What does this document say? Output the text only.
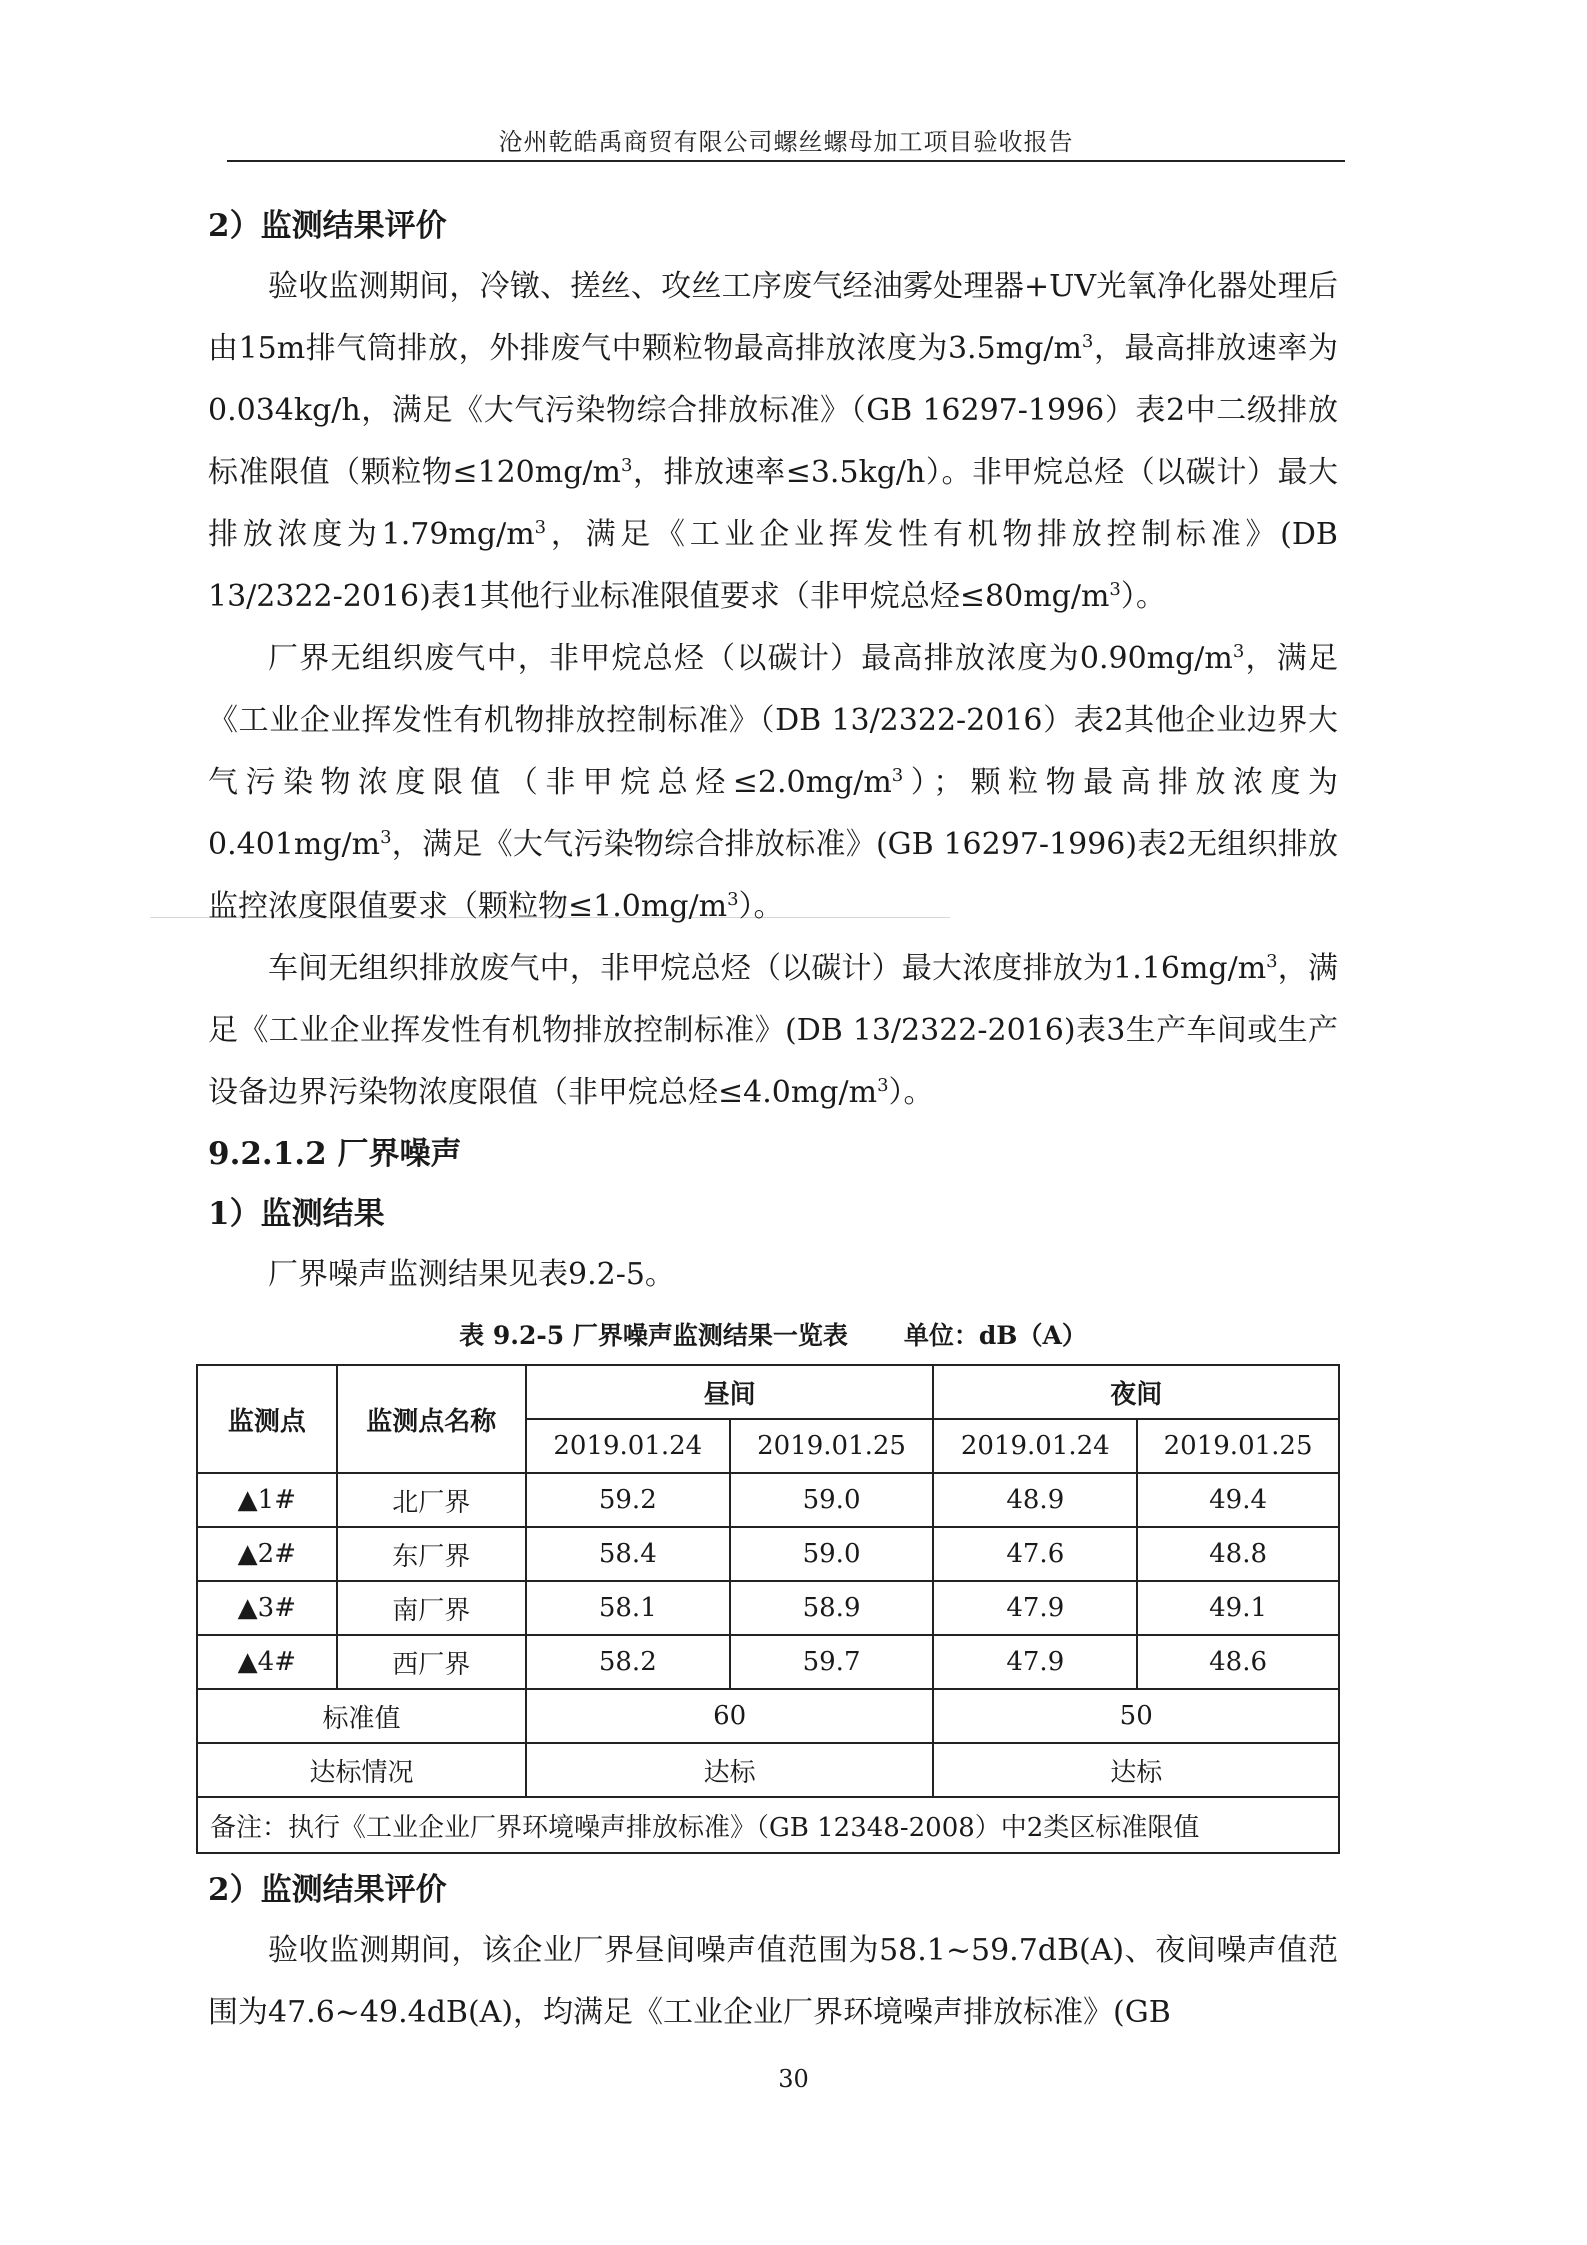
沧州乾皓禹商贸有限公司螺丝螺母加工项目验收报告

2）监测结果评价

验收监测期间，冷镦、搓丝、攻丝工序废气经油雾处理器+UV光氧净化器处理后由15m排气筒排放，外排废气中颗粒物最高排放浓度为$3.5mg/m^3$，最高排放速率为0.034kg/h，满足《大气污染物综合排放标准》（GB 16297-1996）表2中二级排放标准限值（颗粒物$\le 120mg/m^3$，排放速率≤3.5kg/h）。非甲烷总烃（以碳计）最大排放浓度为$1.79mg/m^3$，满足《工业企业挥发性有机物排放控制标准》(DB 13/2322-2016)表1其他行业标准限值要求（非甲烷总烃$\le 80mg/m^3$）。

厂界无组织废气中，非甲烷总烃（以碳计）最高排放浓度为$0.90mg/m^3$，满足《工业企业挥发性有机物排放控制标准》（DB 13/2322-2016）表2其他企业边界大气污染物浓度限值（非甲烷总烃$\le 2.0mg/m^3$）；颗粒物最高排放浓度为$0.401mg/m^3$，满足《大气污染物综合排放标准》(GB 16297-1996)表2无组织排放监控浓度限值要求（颗粒物$\le 1.0mg/m^3$）。

车间无组织排放废气中，非甲烷总烃（以碳计）最大浓度排放为$1.16mg/m^3$，满足《工业企业挥发性有机物排放控制标准》(DB 13/2322-2016)表3生产车间或生产设备边界污染物浓度限值（非甲烷总烃$\le 4.0mg/m^3$）。

9.2.1.2 厂界噪声

1）监测结果

厂界噪声监测结果见表9.2-5。

表 9.2-5 厂界噪声监测结果一览表 单位：dB（A）
监测点	监测点名称	昼间		夜间	
		2019.01.24	2019.01.25	2019.01.24	2019.01.25
▲1#	北厂界	59.2	59.0	48.9	49.4
▲2#	东厂界	58.4	59.0	47.6	48.8
▲3#	南厂界	58.1	58.9	47.9	49.1
▲4#	西厂界	58.2	59.7	47.9	48.6
标准值		60		50	
达标情况		达标		达标	
备注：执行《工业企业厂界环境噪声排放标准》（GB 12348-2008）中2类区标准限值					

2）监测结果评价

验收监测期间，该企业厂界昼间噪声值范围为58.1~59.7dB(A)、夜间噪声值范围为47.6~49.4dB(A)，均满足《工业企业厂界环境噪声排放标准》(GB

30
